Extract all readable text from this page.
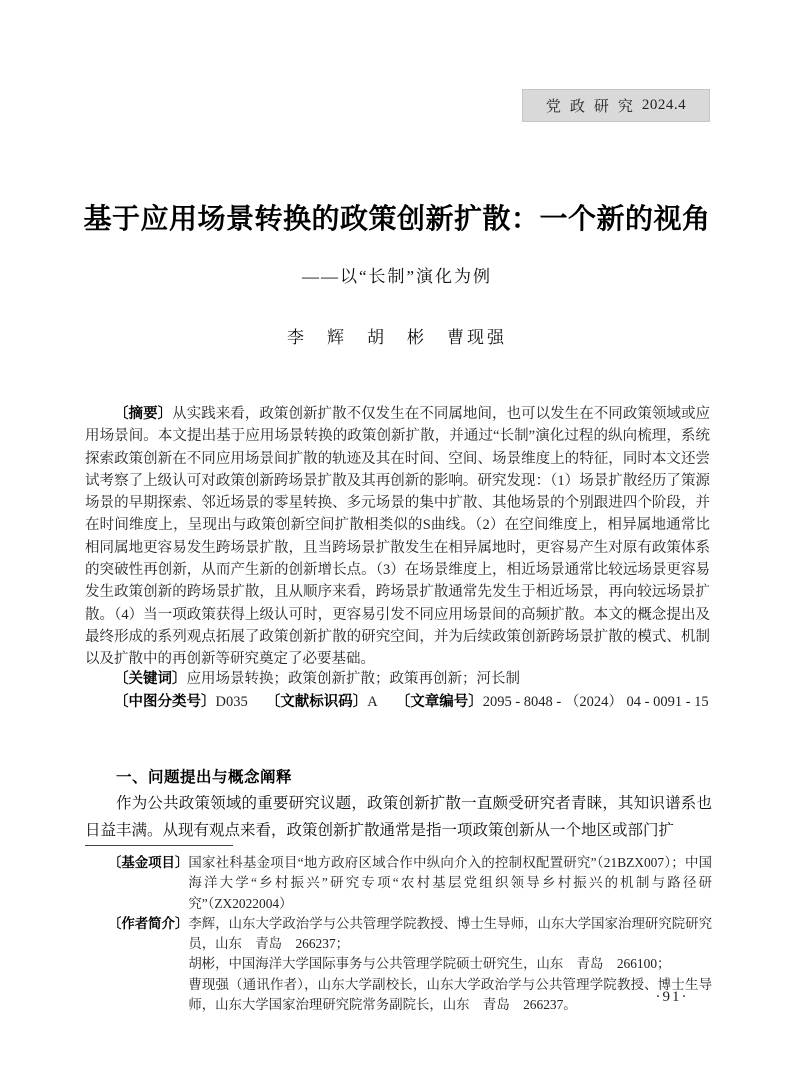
党政研究 2024.4
基于应用场景转换的政策创新扩散：一个新的视角
——以“长制”演化为例
李　辉　胡　彬　曹现强
〔摘要〕从实践来看，政策创新扩散不仅发生在不同属地间，也可以发生在不同政策领域或应用场景间。本文提出基于应用场景转换的政策创新扩散，并通过“长制”演化过程的纵向梳理，系统探索政策创新在不同应用场景间扩散的轨迹及其在时间、空间、场景维度上的特征，同时本文还尝试考察了上级认可对政策创新跨场景扩散及其再创新的影响。研究发现：（1）场景扩散经历了策源场景的早期探索、邻近场景的零星转换、多元场景的集中扩散、其他场景的个别跟进四个阶段，并在时间维度上，呈现出与政策创新空间扩散相类似的S曲线。（2）在空间维度上，相异属地通常比相同属地更容易发生跨场景扩散，且当跨场景扩散发生在相异属地时，更容易产生对原有政策体系的突破性再创新，从而产生新的创新增长点。（3）在场景维度上，相近场景通常比较远场景更容易发生政策创新的跨场景扩散，且从顺序来看，跨场景扩散通常先发生于相近场景，再向较远场景扩散。（4）当一项政策获得上级认可时，更容易引发不同应用场景间的高频扩散。本文的概念提出及最终形成的系列观点拓展了政策创新扩散的研究空间，并为后续政策创新跨场景扩散的模式、机制以及扩散中的再创新等研究奠定了必要基础。
〔关键词〕应用场景转换；政策创新扩散；政策再创新；河长制
〔中图分类号〕D035 〔文献标识码〕A 〔文章编号〕2095 - 8048 - （2024） 04 - 0091 - 15
一、问题提出与概念阐释
作为公共政策领域的重要研究议题，政策创新扩散一直颇受研究者青睐，其知识谱系也日益丰满。从现有观点来看，政策创新扩散通常是指一项政策创新从一个地区或部门扩
〔基金项目〕 国家社科基金项目“地方政府区域合作中纵向介入的控制权配置研究”（21BZX007）；中国海洋大学“乡村振兴”研究专项“农村基层党组织领导乡村振兴的机制与路径研究”（ZX2022004）
〔作者简介〕 李辉，山东大学政治学与公共管理学院教授、博士生导师，山东大学国家治理研究院研究员，山东　青岛　266237；
胡彬，中国海洋大学国际事务与公共管理学院硕士研究生，山东　青岛　266100；
曹现强（通讯作者），山东大学副校长，山东大学政治学与公共管理学院教授、博士生导师，山东大学国家治理研究院常务副院长，山东　青岛　266237。	·91·
